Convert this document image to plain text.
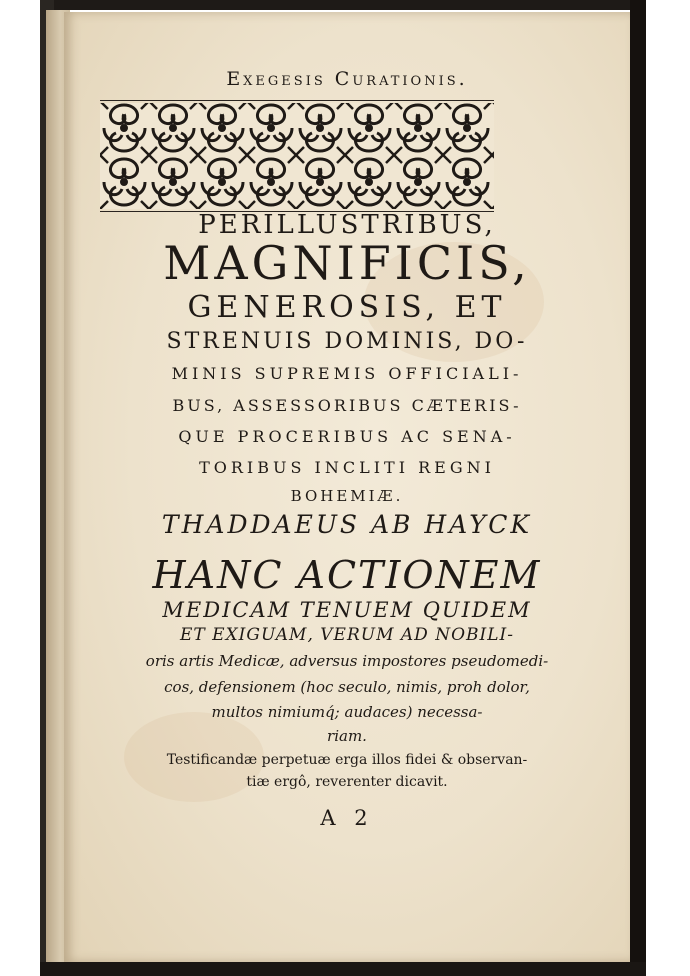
Exegesis Curationis.
PERILLUSTRIBUS,
MAGNIFICIS,
GENEROSIS, ET
STRENUIS DOMINIS, DO-
MINIS SUPREMIS OFFICIALI-
BUS, ASSESSORIBUS CÆTERIS-
QUE PROCERIBUS AC SENA-
TORIBUS INCLITI REGNI
BOHEMIÆ.
THADDAEUS AB HAYCK
HANC ACTIONEM
MEDICAM TENUEM QUIDEM
ET EXIGUAM, VERUM AD NOBILI-
oris artis Medicæ, adversus impostores pseudomedi-
cos, defensionem (hoc seculo, nimis, proh dolor,
multos nimiumq́; audaces) necessa-
riam.
Testificandæ perpetuæ erga illos fidei & observan-
tiæ ergô, reverenter dicavit.
A 2
